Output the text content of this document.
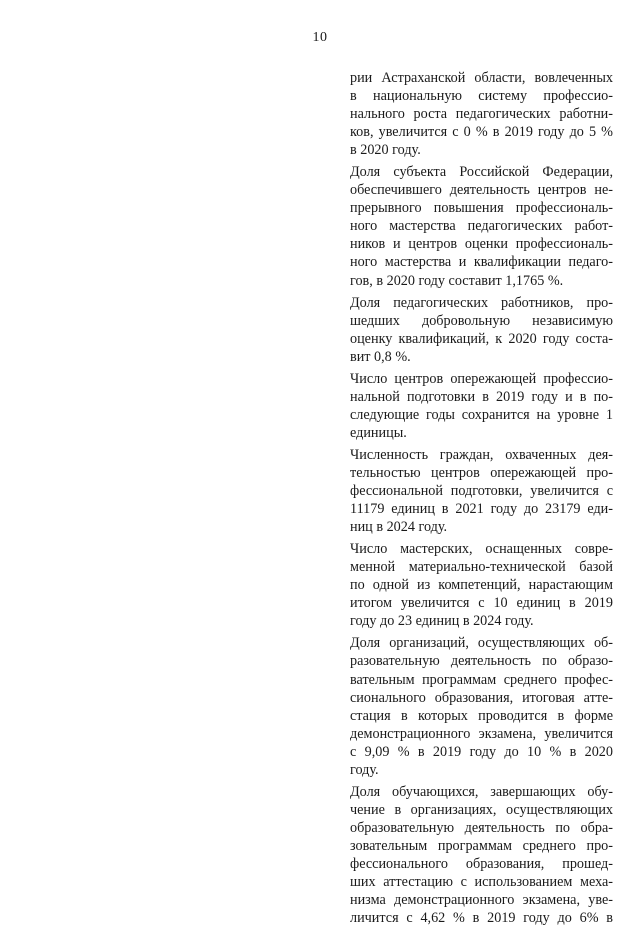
10

рии Астраханской области, вовлеченных
в национальную систему профессио-
нального роста педагогических работни-
ков, увеличится с 0 % в 2019 году до 5 %
в 2020 году.

Доля субъекта Российской Федерации,
обеспечившего деятельность центров не-
прерывного повышения профессиональ-
ного мастерства педагогических работ-
ников и центров оценки профессиональ-
ного мастерства и квалификации педаго-
гов, в 2020 году составит 1,1765 %.

Доля педагогических работников, про-
шедших добровольную независимую
оценку квалификаций, к 2020 году соста-
вит 0,8 %.

Число центров опережающей профессио-
нальной подготовки в 2019 году и в по-
следующие годы сохранится на уровне 1
единицы.

Численность граждан, охваченных дея-
тельностью центров опережающей про-
фессиональной подготовки, увеличится с
11179 единиц в 2021 году до 23179 еди-
ниц в 2024 году.

Число мастерских, оснащенных совре-
менной материально-технической базой
по одной из компетенций, нарастающим
итогом увеличится с 10 единиц в 2019
году до 23 единиц в 2024 году.

Доля организаций, осуществляющих об-
разовательную деятельность по образо-
вательным программам среднего профес-
сионального образования, итоговая атте-
стация в которых проводится в форме
демонстрационного экзамена, увеличится
с 9,09 % в 2019 году до 10 % в 2020
году.

Доля обучающихся, завершающих обу-
чение в организациях, осуществляющих
образовательную деятельность по обра-
зовательным программам среднего про-
фессионального образования, прошед-
ших аттестацию с использованием меха-
низма демонстрационного экзамена, уве-
личится с 4,62 % в 2019 году до 6% в
